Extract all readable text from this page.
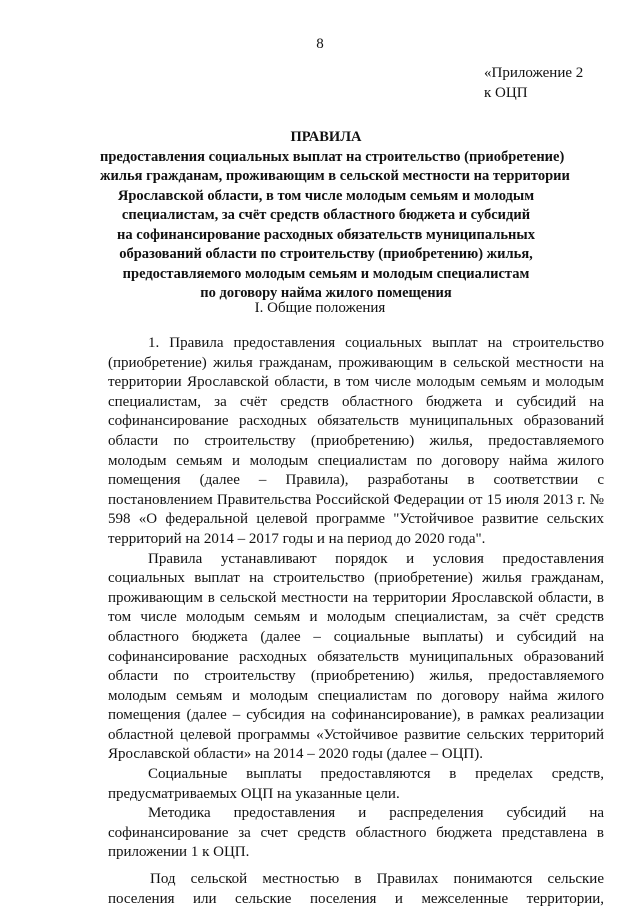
8
«Приложение 2
к ОЦП
ПРАВИЛА
предоставления социальных выплат на строительство (приобретение)
жилья гражданам, проживающим в сельской местности на территории
Ярославской области, в том числе молодым семьям и молодым
специалистам, за счёт средств областного бюджета и субсидий
на софинансирование расходных обязательств муниципальных
образований области по строительству (приобретению) жилья,
предоставляемого молодым семьям и молодым специалистам
по договору найма жилого помещения
I. Общие положения

1. Правила предоставления социальных выплат на строительство (приобретение) жилья гражданам, проживающим в сельской местности на территории Ярославской области, в том числе молодым семьям и молодым специалистам, за счёт средств областного бюджета и субсидий на софинансирование расходных обязательств муниципальных образований области по строительству (приобретению) жилья, предоставляемого молодым семьям и молодым специалистам по договору найма жилого помещения (далее – Правила), разработаны в соответствии с постановлением Правительства Российской Федерации от 15 июля 2013 г. № 598 «О федеральной целевой программе "Устойчивое развитие сельских территорий на 2014 – 2017 годы и на период до 2020 года".

Правила устанавливают порядок и условия предоставления социальных выплат на строительство (приобретение) жилья гражданам, проживающим в сельской местности на территории Ярославской области, в том числе молодым семьям и молодым специалистам, за счёт средств областного бюджета (далее – социальные выплаты) и субсидий на софинансирование расходных обязательств муниципальных образований области по строительству (приобретению) жилья, предоставляемого молодым семьям и молодым специалистам по договору найма жилого помещения (далее – субсидия на софинансирование), в рамках реализации областной целевой программы «Устойчивое развитие сельских территорий Ярославской области» на 2014 – 2020 годы (далее – ОЦП).

Социальные выплаты предоставляются в пределах средств, предусматриваемых ОЦП на указанные цели.

Методика предоставления и распределения субсидий на софинансирование за счет средств областного бюджета представлена в приложении 1 к ОЦП.

Под сельской местностью в Правилах понимаются сельские поселения или сельские поселения и межселенные территории,
